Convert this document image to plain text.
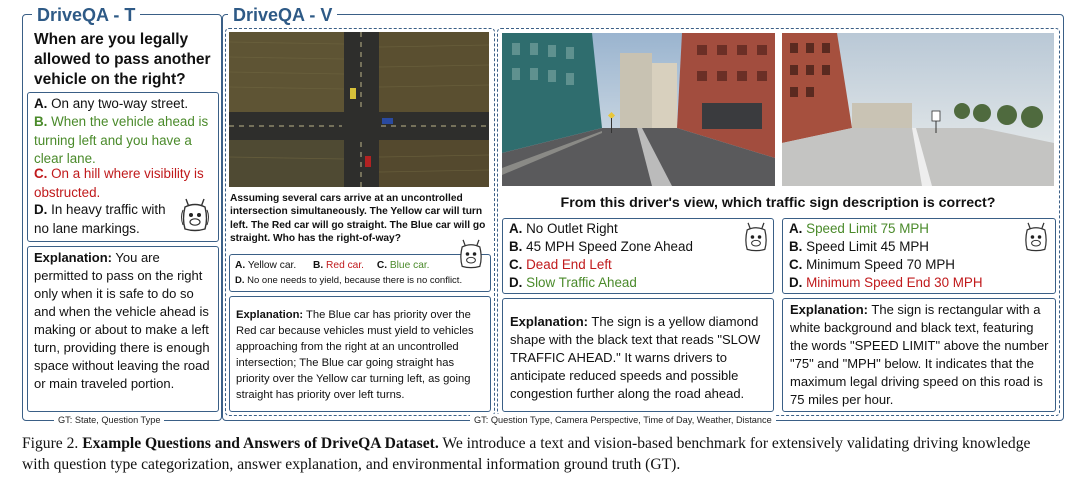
DriveQA - T
When are you legally allowed to pass another vehicle on the right?
A. On any two-way street.
B. When the vehicle ahead is turning left and you have a clear lane.
C. On a hill where visibility is obstructed.
D. In heavy traffic with no lane markings.
Explanation: You are permitted to pass on the right only when it is safe to do so and when the vehicle ahead is making or about to make a left turn, providing there is enough space without leaving the road or main traveled portion.
GT: State, Question Type
DriveQA - V
Assuming several cars arrive at an uncontrolled intersection simultaneously. The Yellow car will turn left. The Red car will go straight. The Blue car will go straight. Who has the right-of-way?
A. Yellow car. B. Red car. C. Blue car.
D. No one needs to yield, because there is no conflict.
Explanation: The Blue car has priority over the Red car because vehicles must yield to vehicles approaching from the right at an uncontrolled intersection; The Blue car going straight has priority over the Yellow car turning left, as going straight has priority over left turns.
From this driver's view, which traffic sign description is correct?
A. No Outlet Right
B. 45 MPH Speed Zone Ahead
C. Dead End Left
D. Slow Traffic Ahead
A. Speed Limit 75 MPH
B. Speed Limit 45 MPH
C. Minimum Speed 70 MPH
D. Minimum Speed End 30 MPH
Explanation: The sign is a yellow diamond shape with the black text that reads "SLOW TRAFFIC AHEAD." It warns drivers to anticipate reduced speeds and possible congestion further along the road ahead.
Explanation: The sign is rectangular with a white background and black text, featuring the words "SPEED LIMIT" above the number "75" and "MPH" below. It indicates that the maximum legal driving speed on this road is 75 miles per hour.
GT: Question Type, Camera Perspective, Time of Day, Weather, Distance
Figure 2. Example Questions and Answers of DriveQA Dataset. We introduce a text and vision-based benchmark for extensively validating driving knowledge with question type categorization, answer explanation, and environmental information ground truth (GT).
